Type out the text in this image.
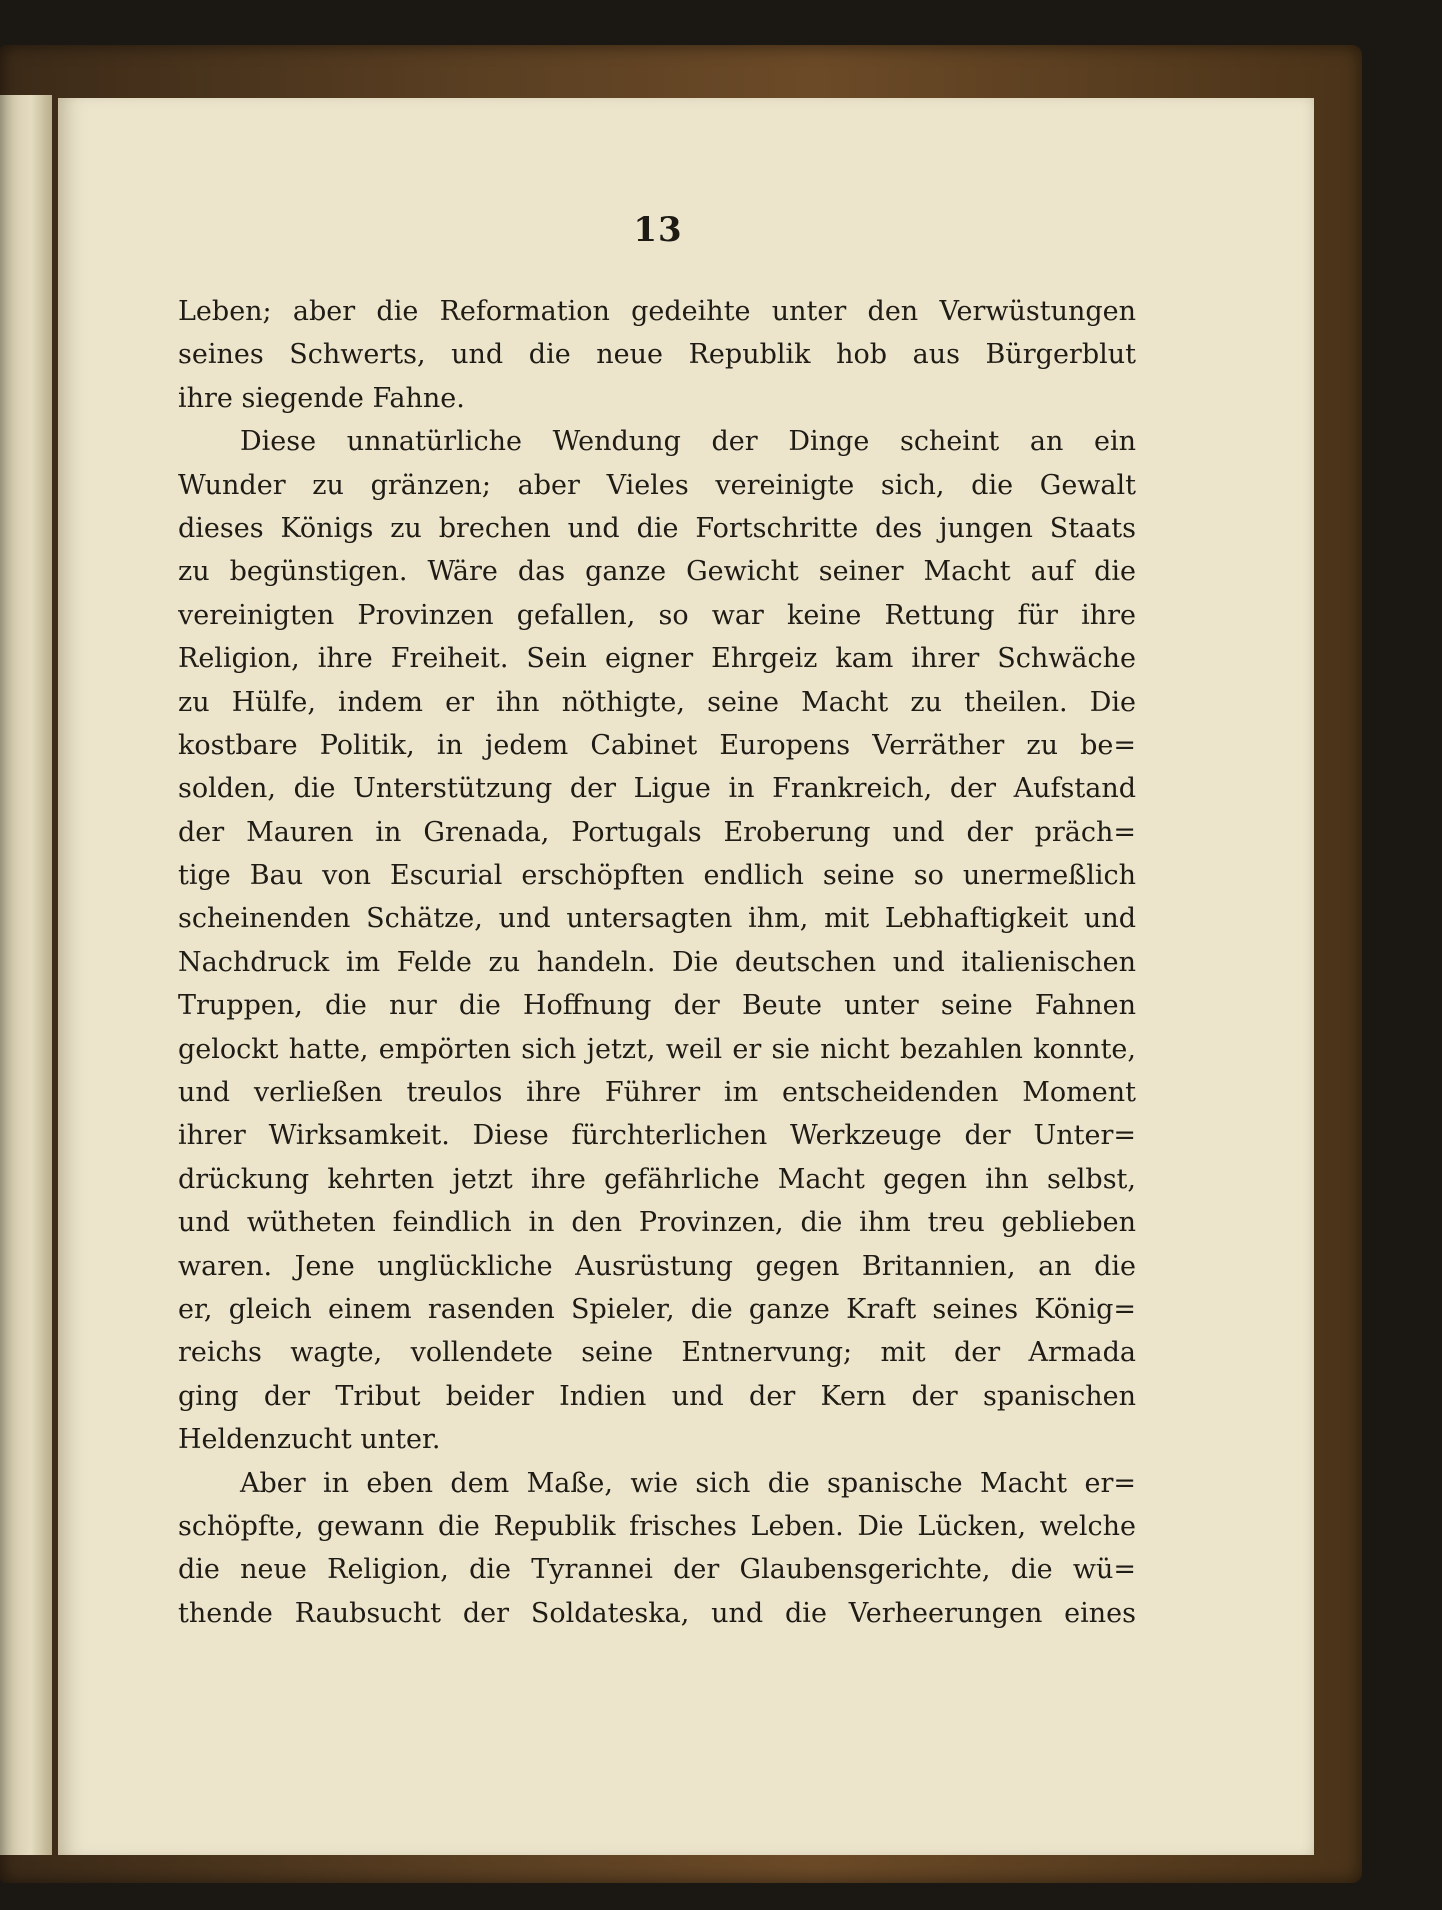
13
Leben; aber die Reformation gedeihte unter den Verwüstungen
seines Schwerts, und die neue Republik hob aus Bürgerblut
ihre siegende Fahne.
Diese unnatürliche Wendung der Dinge scheint an ein
Wunder zu gränzen; aber Vieles vereinigte sich, die Gewalt
dieses Königs zu brechen und die Fortschritte des jungen Staats
zu begünstigen. Wäre das ganze Gewicht seiner Macht auf die
vereinigten Provinzen gefallen, so war keine Rettung für ihre
Religion, ihre Freiheit. Sein eigner Ehrgeiz kam ihrer Schwäche
zu Hülfe, indem er ihn nöthigte, seine Macht zu theilen. Die
kostbare Politik, in jedem Cabinet Europens Verräther zu be=
solden, die Unterstützung der Ligue in Frankreich, der Aufstand
der Mauren in Grenada, Portugals Eroberung und der präch=
tige Bau von Escurial erschöpften endlich seine so unermeßlich
scheinenden Schätze, und untersagten ihm, mit Lebhaftigkeit und
Nachdruck im Felde zu handeln. Die deutschen und italienischen
Truppen, die nur die Hoffnung der Beute unter seine Fahnen
gelockt hatte, empörten sich jetzt, weil er sie nicht bezahlen konnte,
und verließen treulos ihre Führer im entscheidenden Moment
ihrer Wirksamkeit. Diese fürchterlichen Werkzeuge der Unter=
drückung kehrten jetzt ihre gefährliche Macht gegen ihn selbst,
und wütheten feindlich in den Provinzen, die ihm treu geblieben
waren. Jene unglückliche Ausrüstung gegen Britannien, an die
er, gleich einem rasenden Spieler, die ganze Kraft seines König=
reichs wagte, vollendete seine Entnervung; mit der Armada
ging der Tribut beider Indien und der Kern der spanischen
Heldenzucht unter.
Aber in eben dem Maße, wie sich die spanische Macht er=
schöpfte, gewann die Republik frisches Leben. Die Lücken, welche
die neue Religion, die Tyrannei der Glaubensgerichte, die wü=
thende Raubsucht der Soldateska, und die Verheerungen eines
